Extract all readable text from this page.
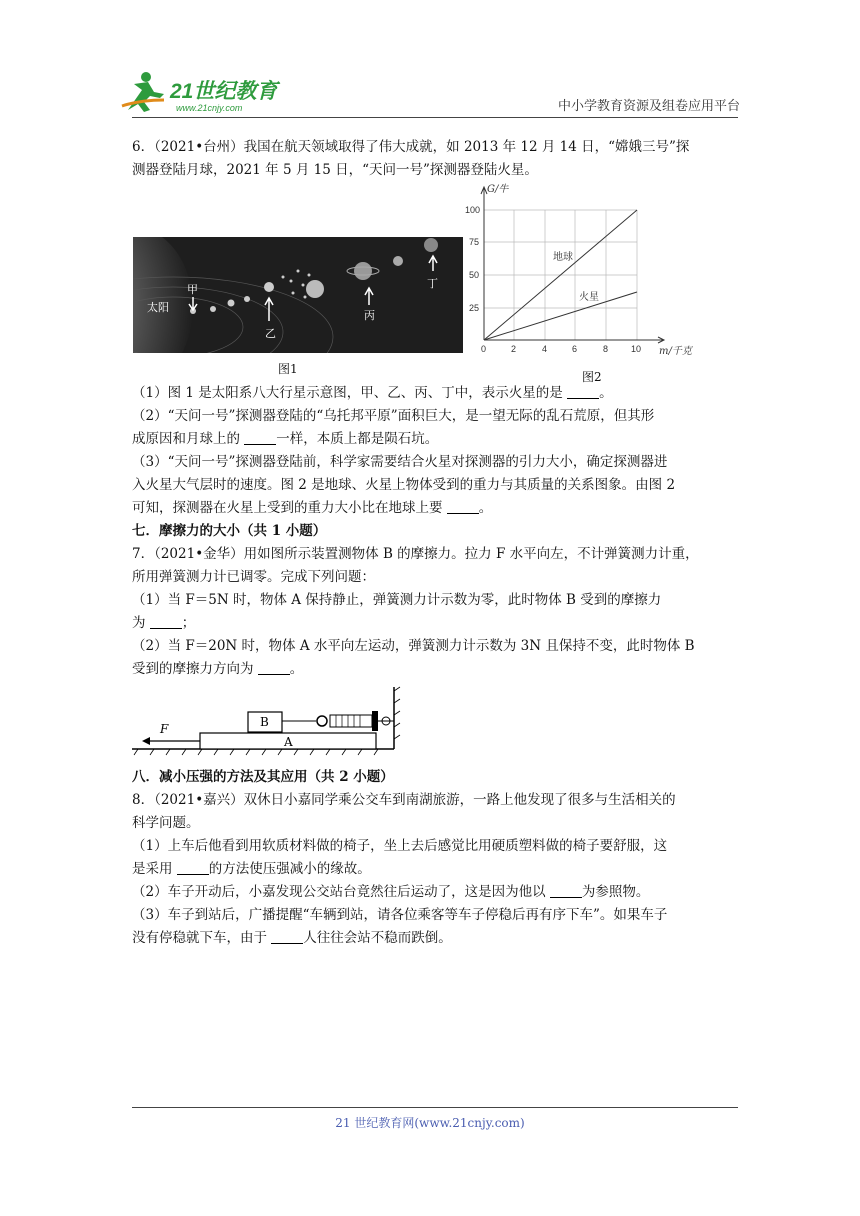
21世纪教育
www.21cnjy.com	中小学教育资源及组卷应用平台

6．（2021•台州）我国在航天领域取得了伟大成就，如 2013 年 12 月 14 日，“嫦娥三号”探

测器登陆月球，2021 年 5 月 15 日，“天问一号”探测器登陆火星。

太阳
甲
乙
丙
丁
图1
100
75
50
25
0	2	4	6	8	10
G/牛
m/千克
地球
火星
图2

（1）图 1 是太阳系八大行星示意图，甲、乙、丙、丁中，表示火星的是	。

（2）“天问一号”探测器登陆的“乌托邦平原”面积巨大，是一望无际的乱石荒原，但其形

成原因和月球上的	一样，本质上都是陨石坑。

（3）“天问一号”探测器登陆前，科学家需要结合火星对探测器的引力大小，确定探测器进

入火星大气层时的速度。图 2 是地球、火星上物体受到的重力与其质量的关系图象。由图 2

可知，探测器在火星上受到的重力大小比在地球上要	。

七．摩擦力的大小（共 1 小题）

7．（2021•金华）用如图所示装置测物体 B 的摩擦力。拉力 F 水平向左，不计弹簧测力计重，

所用弹簧测力计已调零。完成下列问题：

（1）当 F＝5N 时，物体 A 保持静止，弹簧测力计示数为零，此时物体 B 受到的摩擦力

为	；

（2）当 F＝20N 时，物体 A 水平向左运动，弹簧测力计示数为 3N 且保持不变，此时物体 B

受到的摩擦力方向为	。

A
B
F

八．减小压强的方法及其应用（共 2 小题）

8．（2021•嘉兴）双休日小嘉同学乘公交车到南湖旅游，一路上他发现了很多与生活相关的

科学问题。

（1）上车后他看到用软质材料做的椅子，坐上去后感觉比用硬质塑料做的椅子要舒服，这

是采用	的方法使压强减小的缘故。

（2）车子开动后，小嘉发现公交站台竟然往后运动了，这是因为他以	为参照物。

（3）车子到站后，广播提醒“车辆到站，请各位乘客等车子停稳后再有序下车”。如果车子

没有停稳就下车，由于	人往往会站不稳而跌倒。

21 世纪教育网(www.21cnjy.com)
